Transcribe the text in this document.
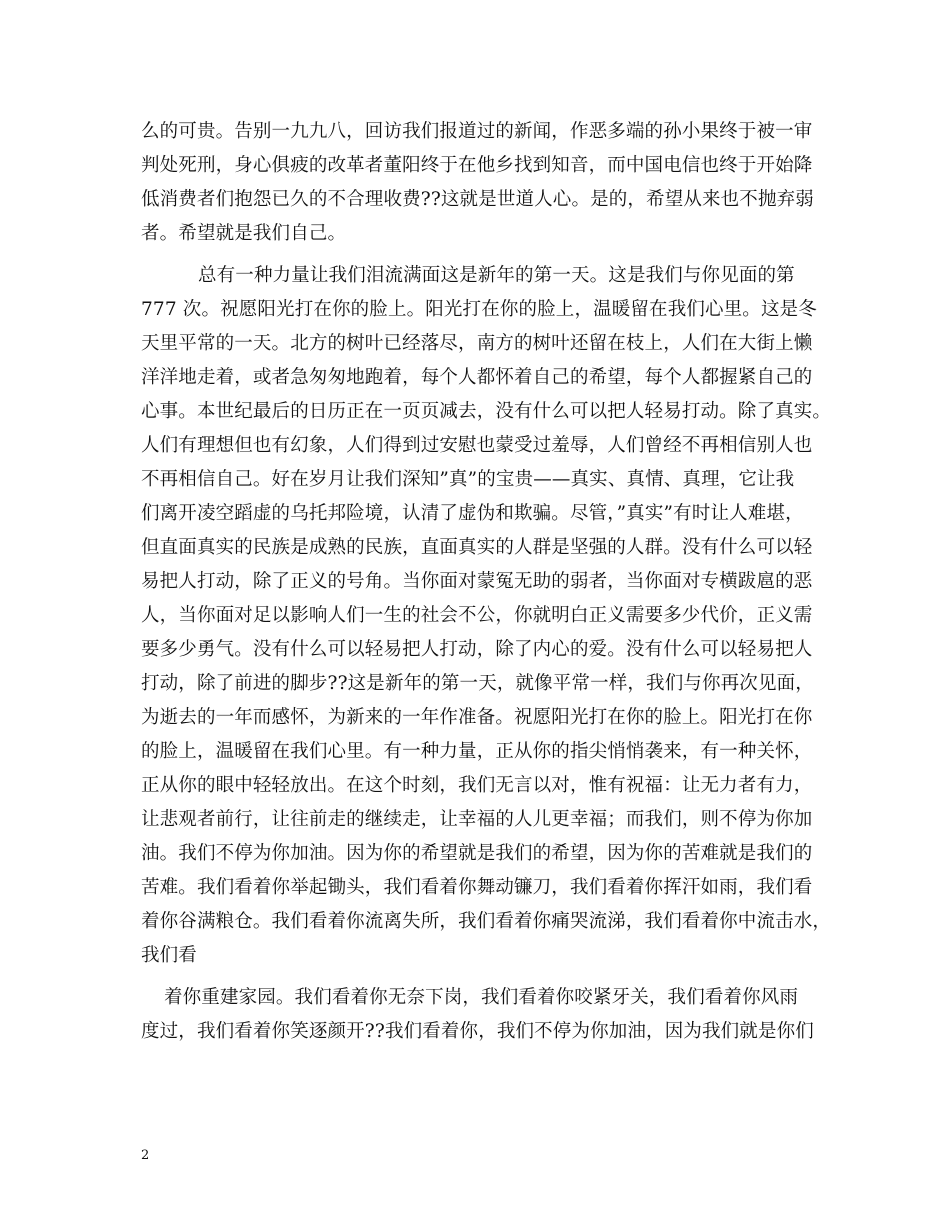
么的可贵。告别一九九八，回访我们报道过的新闻，作恶多端的孙小果终于被一审
判处死刑，身心俱疲的改革者董阳终于在他乡找到知音，而中国电信也终于开始降
低消费者们抱怨已久的不合理收费??这就是世道人心。是的，希望从来也不抛弃弱
者。希望就是我们自己。
总有一种力量让我们泪流满面这是新年的第一天。这是我们与你见面的第
777 次。祝愿阳光打在你的脸上。阳光打在你的脸上，温暖留在我们心里。这是冬
天里平常的一天。北方的树叶已经落尽，南方的树叶还留在枝上，人们在大街上懒
洋洋地走着，或者急匆匆地跑着，每个人都怀着自己的希望，每个人都握紧自己的
心事。本世纪最后的日历正在一页页减去，没有什么可以把人轻易打动。除了真实。
人们有理想但也有幻象，人们得到过安慰也蒙受过羞辱，人们曾经不再相信别人也
不再相信自己。好在岁月让我们深知”真”的宝贵——真实、真情、真理，它让我
们离开凌空蹈虚的乌托邦险境，认清了虚伪和欺骗。尽管，”真实”有时让人难堪，
但直面真实的民族是成熟的民族，直面真实的人群是坚强的人群。没有什么可以轻
易把人打动，除了正义的号角。当你面对蒙冤无助的弱者，当你面对专横跋扈的恶
人，当你面对足以影响人们一生的社会不公，你就明白正义需要多少代价，正义需
要多少勇气。没有什么可以轻易把人打动，除了内心的爱。没有什么可以轻易把人
打动，除了前进的脚步??这是新年的第一天，就像平常一样，我们与你再次见面，
为逝去的一年而感怀，为新来的一年作准备。祝愿阳光打在你的脸上。阳光打在你
的脸上，温暖留在我们心里。有一种力量，正从你的指尖悄悄袭来，有一种关怀，
正从你的眼中轻轻放出。在这个时刻，我们无言以对，惟有祝福：让无力者有力，
让悲观者前行，让往前走的继续走，让幸福的人儿更幸福；而我们，则不停为你加
油。我们不停为你加油。因为你的希望就是我们的希望，因为你的苦难就是我们的
苦难。我们看着你举起锄头，我们看着你舞动镰刀，我们看着你挥汗如雨，我们看
着你谷满粮仓。我们看着你流离失所，我们看着你痛哭流涕，我们看着你中流击水，
我们看
着你重建家园。我们看着你无奈下岗，我们看着你咬紧牙关，我们看着你风雨
度过，我们看着你笑逐颜开??我们看着你，我们不停为你加油，因为我们就是你们
2
